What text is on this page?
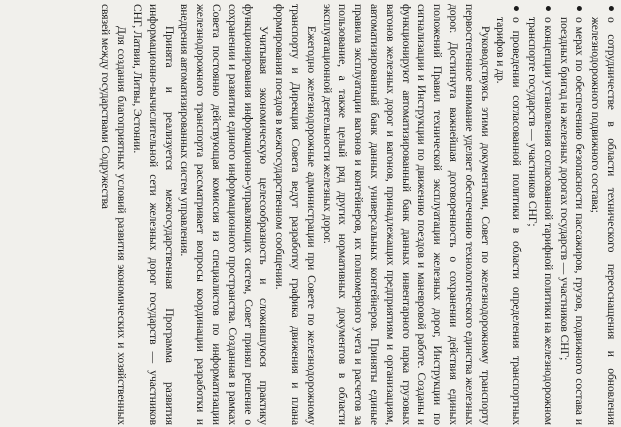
●
о сотрудничестве в области технического переоснащения и обновления железнодорожного подвижного состава;
●
о мерах по обеспечению безопасности пассажиров, грузов, подвижного состава и поездных бригад на железных дорогах государств — участников СНГ;
●
о концепции установления согласованной тарифной политики на железнодорожном транспорте государств — участников СНГ;
●
о проведении согласованной политики в области определения транспортных тарифов и др.

Руководствуясь этими документами, Совет по железнодорожному транспорту первостепенное внимание уделяет обеспечению технологического единства железных дорог. Достигнута важнейшая договоренность о сохранении действия единых положений Правил технической эксплуатации железных дорог, Инструкции по сигнализации и Инструкции по движению поездов и маневровой работе. Созданы и функционируют автоматизированный банк данных инвентарного парка грузовых вагонов железных дорог и вагонов, принадлежащих предприятиям и организациям, автоматизированный банк данных универсальных контейнеров. Приняты единые правила эксплуатации вагонов и контейнеров, их полномерного учета и расчетов за пользование, а также целый ряд других нормативных документов в области эксплуатационной деятельности железных дорог.

Ежегодно железнодорожные администрации при Совете по железнодорожному транспорту и Дирекция Совета ведут разработку графика движения и плана формирования поездов в межгосударственном сообщении.

Учитывая экономическую целесообразность и сложившуюся практику функционирования информационно-управляющих систем, Совет принял решение о сохранении и развитии единого информационного пространства. Созданная в рамках Совета постоянно действующая комиссия из специалистов по информатизации железнодорожного транспорта рассматривает вопросы координации разработки и внедрения автоматизированных систем управления.

Принята и реализуется межгосударственная Программа развития информационно-вычислительной сети железных дорог государств — участников СНГ, Латвии, Литвы, Эстонии.

Для создания благоприятных условий развития экономических и хозяйственных связей между государствами Содружества
